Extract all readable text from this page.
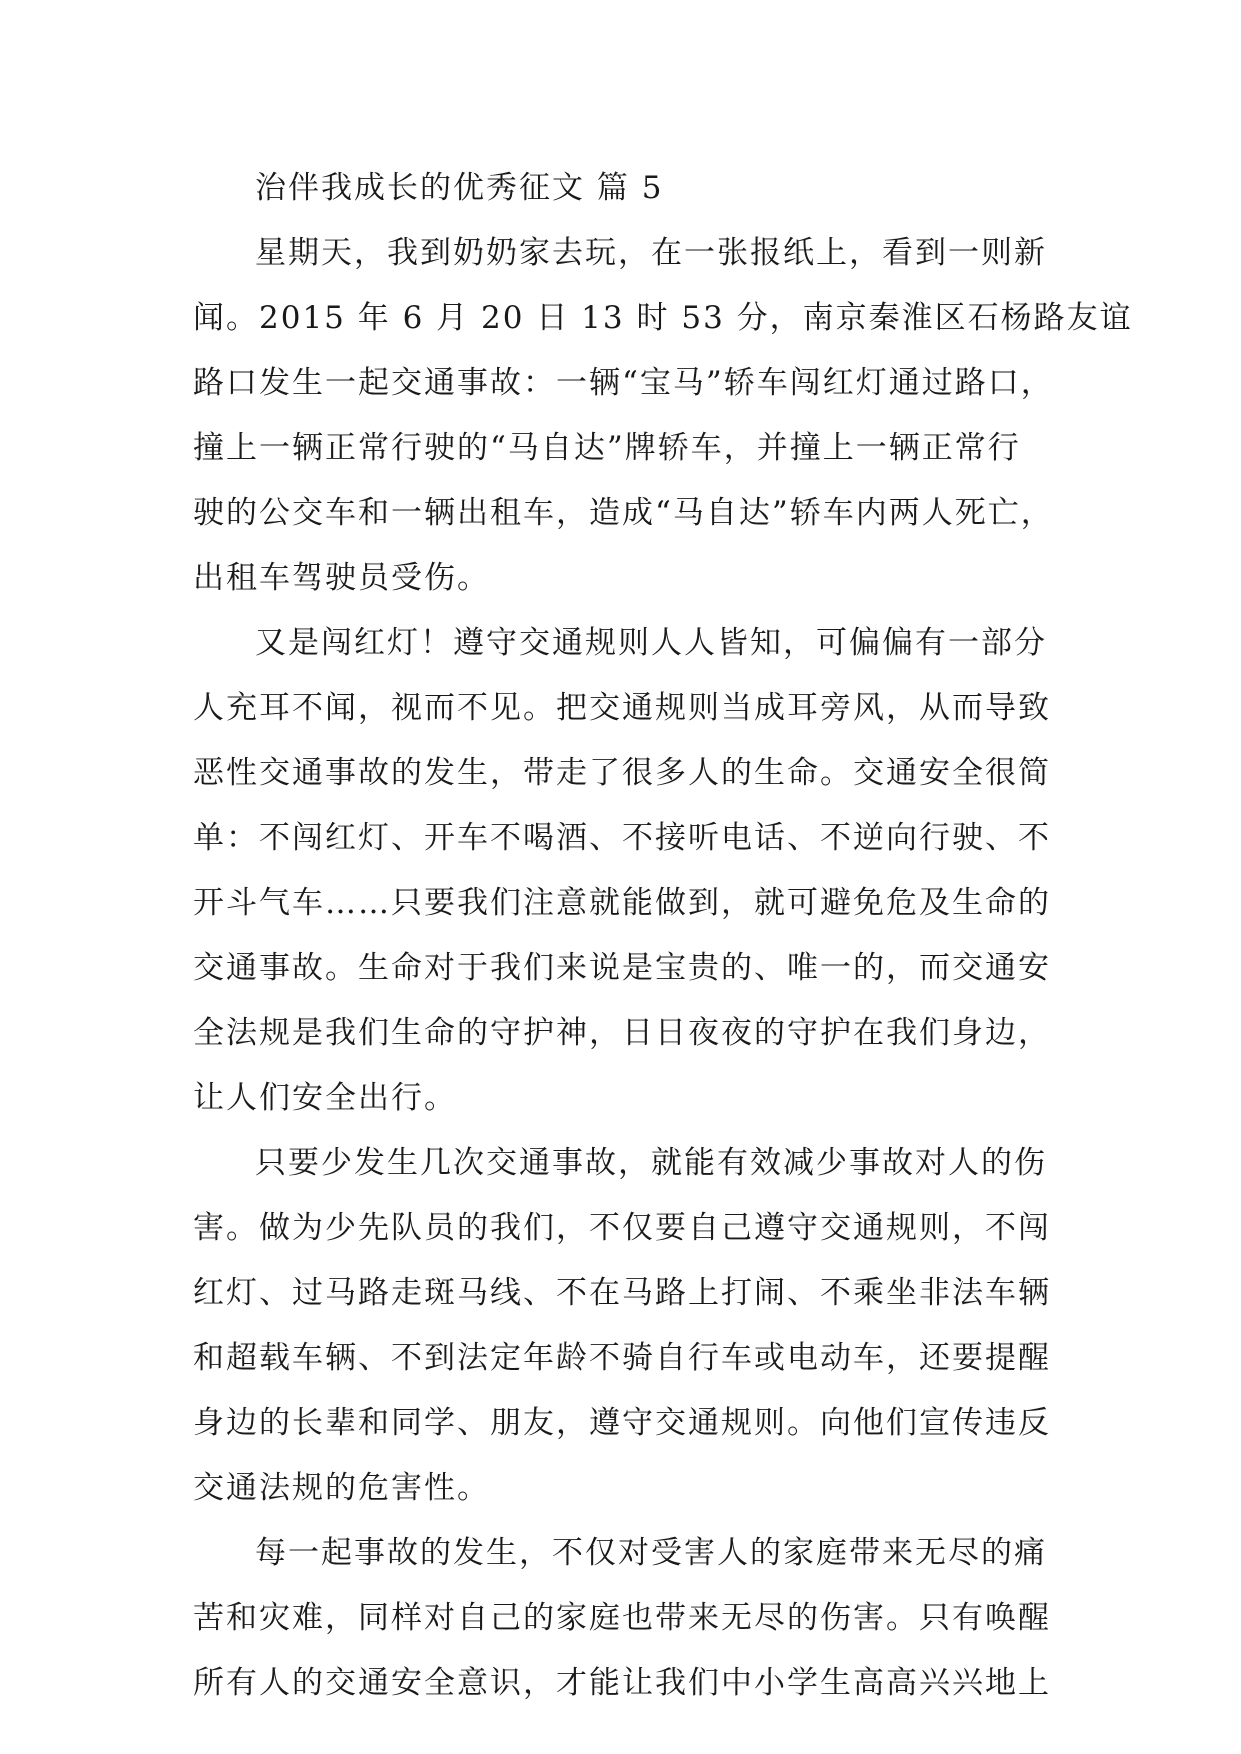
治伴我成长的优秀征文 篇 5
星期天，我到奶奶家去玩，在一张报纸上，看到一则新
闻。2015 年 6 月 20 日 13 时 53 分，南京秦淮区石杨路友谊
路口发生一起交通事故：一辆“宝马”轿车闯红灯通过路口，
撞上一辆正常行驶的“马自达”牌轿车，并撞上一辆正常行
驶的公交车和一辆出租车，造成“马自达”轿车内两人死亡，
出租车驾驶员受伤。
又是闯红灯！遵守交通规则人人皆知，可偏偏有一部分
人充耳不闻，视而不见。把交通规则当成耳旁风，从而导致
恶性交通事故的发生，带走了很多人的生命。交通安全很简
单：不闯红灯、开车不喝酒、不接听电话、不逆向行驶、不
开斗气车……只要我们注意就能做到，就可避免危及生命的
交通事故。生命对于我们来说是宝贵的、唯一的，而交通安
全法规是我们生命的守护神，日日夜夜的守护在我们身边，
让人们安全出行。
只要少发生几次交通事故，就能有效减少事故对人的伤
害。做为少先队员的我们，不仅要自己遵守交通规则，不闯
红灯、过马路走斑马线、不在马路上打闹、不乘坐非法车辆
和超载车辆、不到法定年龄不骑自行车或电动车，还要提醒
身边的长辈和同学、朋友，遵守交通规则。向他们宣传违反
交通法规的危害性。
每一起事故的发生，不仅对受害人的家庭带来无尽的痛
苦和灾难，同样对自己的家庭也带来无尽的伤害。只有唤醒
所有人的交通安全意识，才能让我们中小学生高高兴兴地上
